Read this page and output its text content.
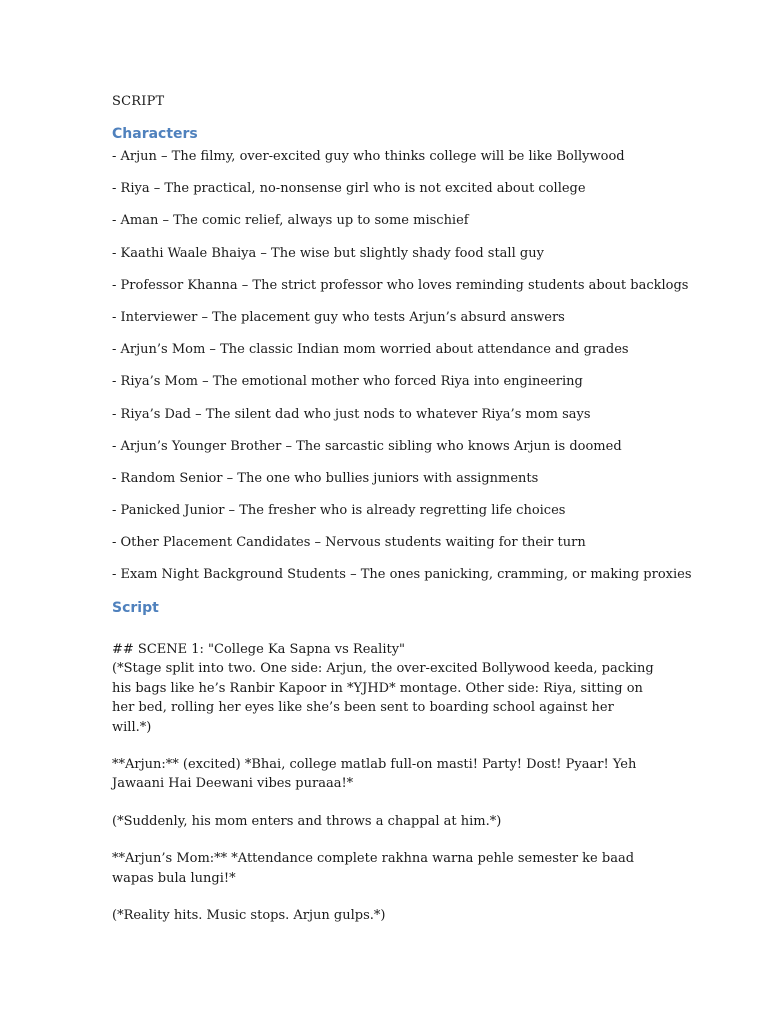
SCRIPT
Characters
- Arjun – The filmy, over-excited guy who thinks college will be like Bollywood
- Riya – The practical, no-nonsense girl who is not excited about college
- Aman – The comic relief, always up to some mischief
- Kaathi Waale Bhaiya – The wise but slightly shady food stall guy
- Professor Khanna – The strict professor who loves reminding students about backlogs
- Interviewer – The placement guy who tests Arjun’s absurd answers
- Arjun’s Mom – The classic Indian mom worried about attendance and grades
- Riya’s Mom – The emotional mother who forced Riya into engineering
- Riya’s Dad – The silent dad who just nods to whatever Riya’s mom says
- Arjun’s Younger Brother – The sarcastic sibling who knows Arjun is doomed
- Random Senior – The one who bullies juniors with assignments
- Panicked Junior – The fresher who is already regretting life choices
- Other Placement Candidates – Nervous students waiting for their turn
- Exam Night Background Students – The ones panicking, cramming, or making proxies
Script

## SCENE 1: "College Ka Sapna vs Reality"

(*Stage split into two. One side: Arjun, the over-excited Bollywood keeda, packing his bags like he’s Ranbir Kapoor in *YJHD* montage. Other side: Riya, sitting on her bed, rolling her eyes like she’s been sent to boarding school against her will.*)

**Arjun:** (excited) *Bhai, college matlab full-on masti! Party! Dost! Pyaar! Yeh Jawaani Hai Deewani vibes puraaa!*

(*Suddenly, his mom enters and throws a chappal at him.*)

**Arjun’s Mom:** *Attendance complete rakhna warna pehle semester ke baad wapas bula lungi!*

(*Reality hits. Music stops. Arjun gulps.*)
